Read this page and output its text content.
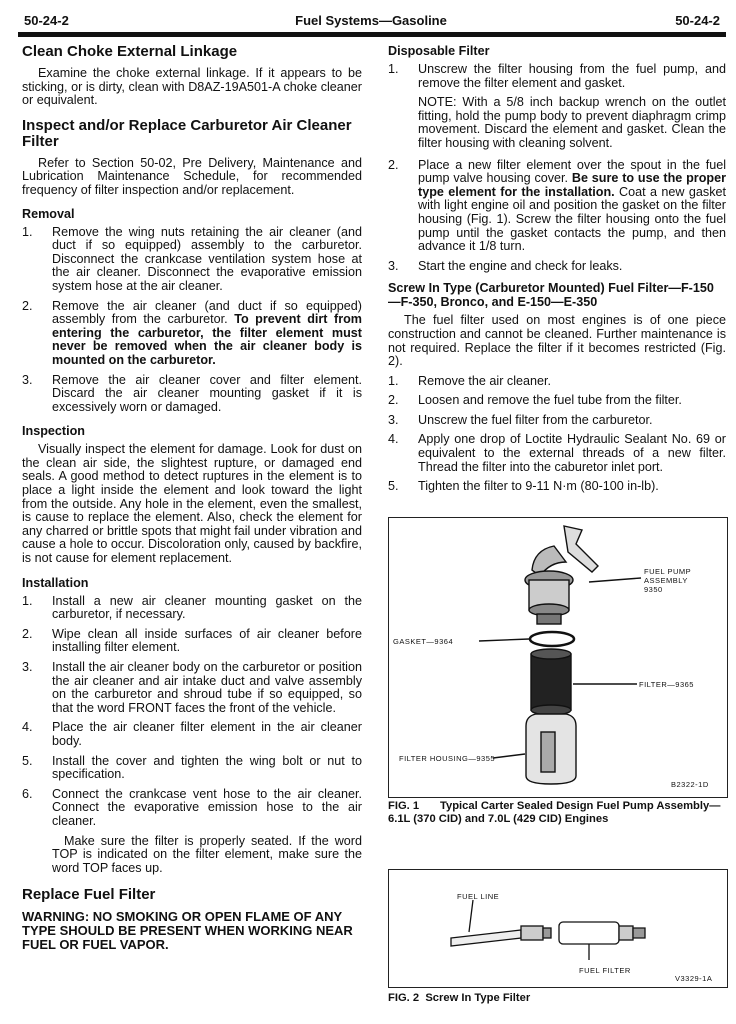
50-24-2	Fuel Systems—Gasoline	50-24-2
Clean Choke External Linkage

Examine the choke external linkage. If it appears to be sticking, or is dirty, clean with D8AZ-19A501-A choke cleaner or equivalent.

Inspect and/or Replace Carburetor Air Cleaner Filter

Refer to Section 50-02, Pre Delivery, Maintenance and Lubrication Maintenance Schedule, for recommended frequency of filter inspection and/or replacement.

Removal
1.	Remove the wing nuts retaining the air cleaner (and duct if so equipped) assembly to the carburetor. Disconnect the crankcase ventilation system hose at the air cleaner. Disconnect the evaporative emission system hose at the air cleaner.
2.	Remove the air cleaner (and duct if so equipped) assembly from the carburetor. To prevent dirt from entering the carburetor, the filter element must never be removed when the air cleaner body is mounted on the carburetor.
3.	Remove the air cleaner cover and filter element. Discard the air cleaner mounting gasket if it is excessively worn or damaged.
Inspection

Visually inspect the element for damage. Look for dust on the clean air side, the slightest rupture, or damaged end seals. A good method to detect ruptures in the element is to place a light inside the element and look toward the light from the outside. Any hole in the element, even the smallest, is cause to replace the element. Also, check the element for any charred or brittle spots that might fail under vibration and cause a hole to occur. Discoloration only, caused by backfire, is not cause for element replacement.

Installation
1.	Install a new air cleaner mounting gasket on the carburetor, if necessary.
2.	Wipe clean all inside surfaces of air cleaner before installing filter element.
3.	Install the air cleaner body on the carburetor or position the air cleaner and air intake duct and valve assembly on the carburetor and shroud tube if so equipped, so that the word FRONT faces the front of the vehicle.
4.	Place the air cleaner filter element in the air cleaner body.
5.	Install the cover and tighten the wing bolt or nut to specification.
6.	Connect the crankcase vent hose to the air cleaner. Connect the evaporative emission hose to the air cleaner.

Make sure the filter is properly seated. If the word TOP is indicated on the filter element, make sure the word TOP faces up.

Replace Fuel Filter
WARNING: NO SMOKING OR OPEN FLAME OF ANY TYPE SHOULD BE PRESENT WHEN WORKING NEAR FUEL OR FUEL VAPOR.
Disposable Filter
1.	Unscrew the filter housing from the fuel pump, and remove the filter element and gasket.

NOTE: With a 5/8 inch backup wrench on the outlet fitting, hold the pump body to prevent diaphragm crimp movement. Discard the element and gasket. Clean the filter housing with cleaning solvent.

2.	Place a new filter element over the spout in the fuel pump valve housing cover. Be sure to use the proper type element for the installation. Coat a new gasket with light engine oil and position the gasket on the filter housing (Fig. 1). Screw the filter housing onto the fuel pump until the gasket contacts the pump, and then advance it 1/8 turn.
3.	Start the engine and check for leaks.
Screw In Type (Carburetor Mounted) Fuel Filter—F-150—F-350, Bronco, and E-150—E-350

The fuel filter used on most engines is of one piece construction and cannot be cleaned. Further maintenance is not required. Replace the filter if it becomes restricted (Fig. 2).

1.	Remove the air cleaner.
2.	Loosen and remove the fuel tube from the filter.
3.	Unscrew the fuel filter from the carburetor.
4.	Apply one drop of Loctite Hydraulic Sealant No. 69 or equivalent to the external threads of a new filter. Thread the filter into the caburetor inlet port.
5.	Tighten the filter to 9-11 N·m (80-100 in-lb).
FUEL PUMP
ASSEMBLY
9350
GASKET—9364
FILTER—9365
FILTER HOUSING—9355
B2322-1D
FIG. 1 Typical Carter Sealed Design Fuel Pump Assembly—6.1L (370 CID) and 7.0L (429 CID) Engines
FUEL LINE
FUEL FILTER
V3329-1A
FIG. 2 Screw In Type Filter
